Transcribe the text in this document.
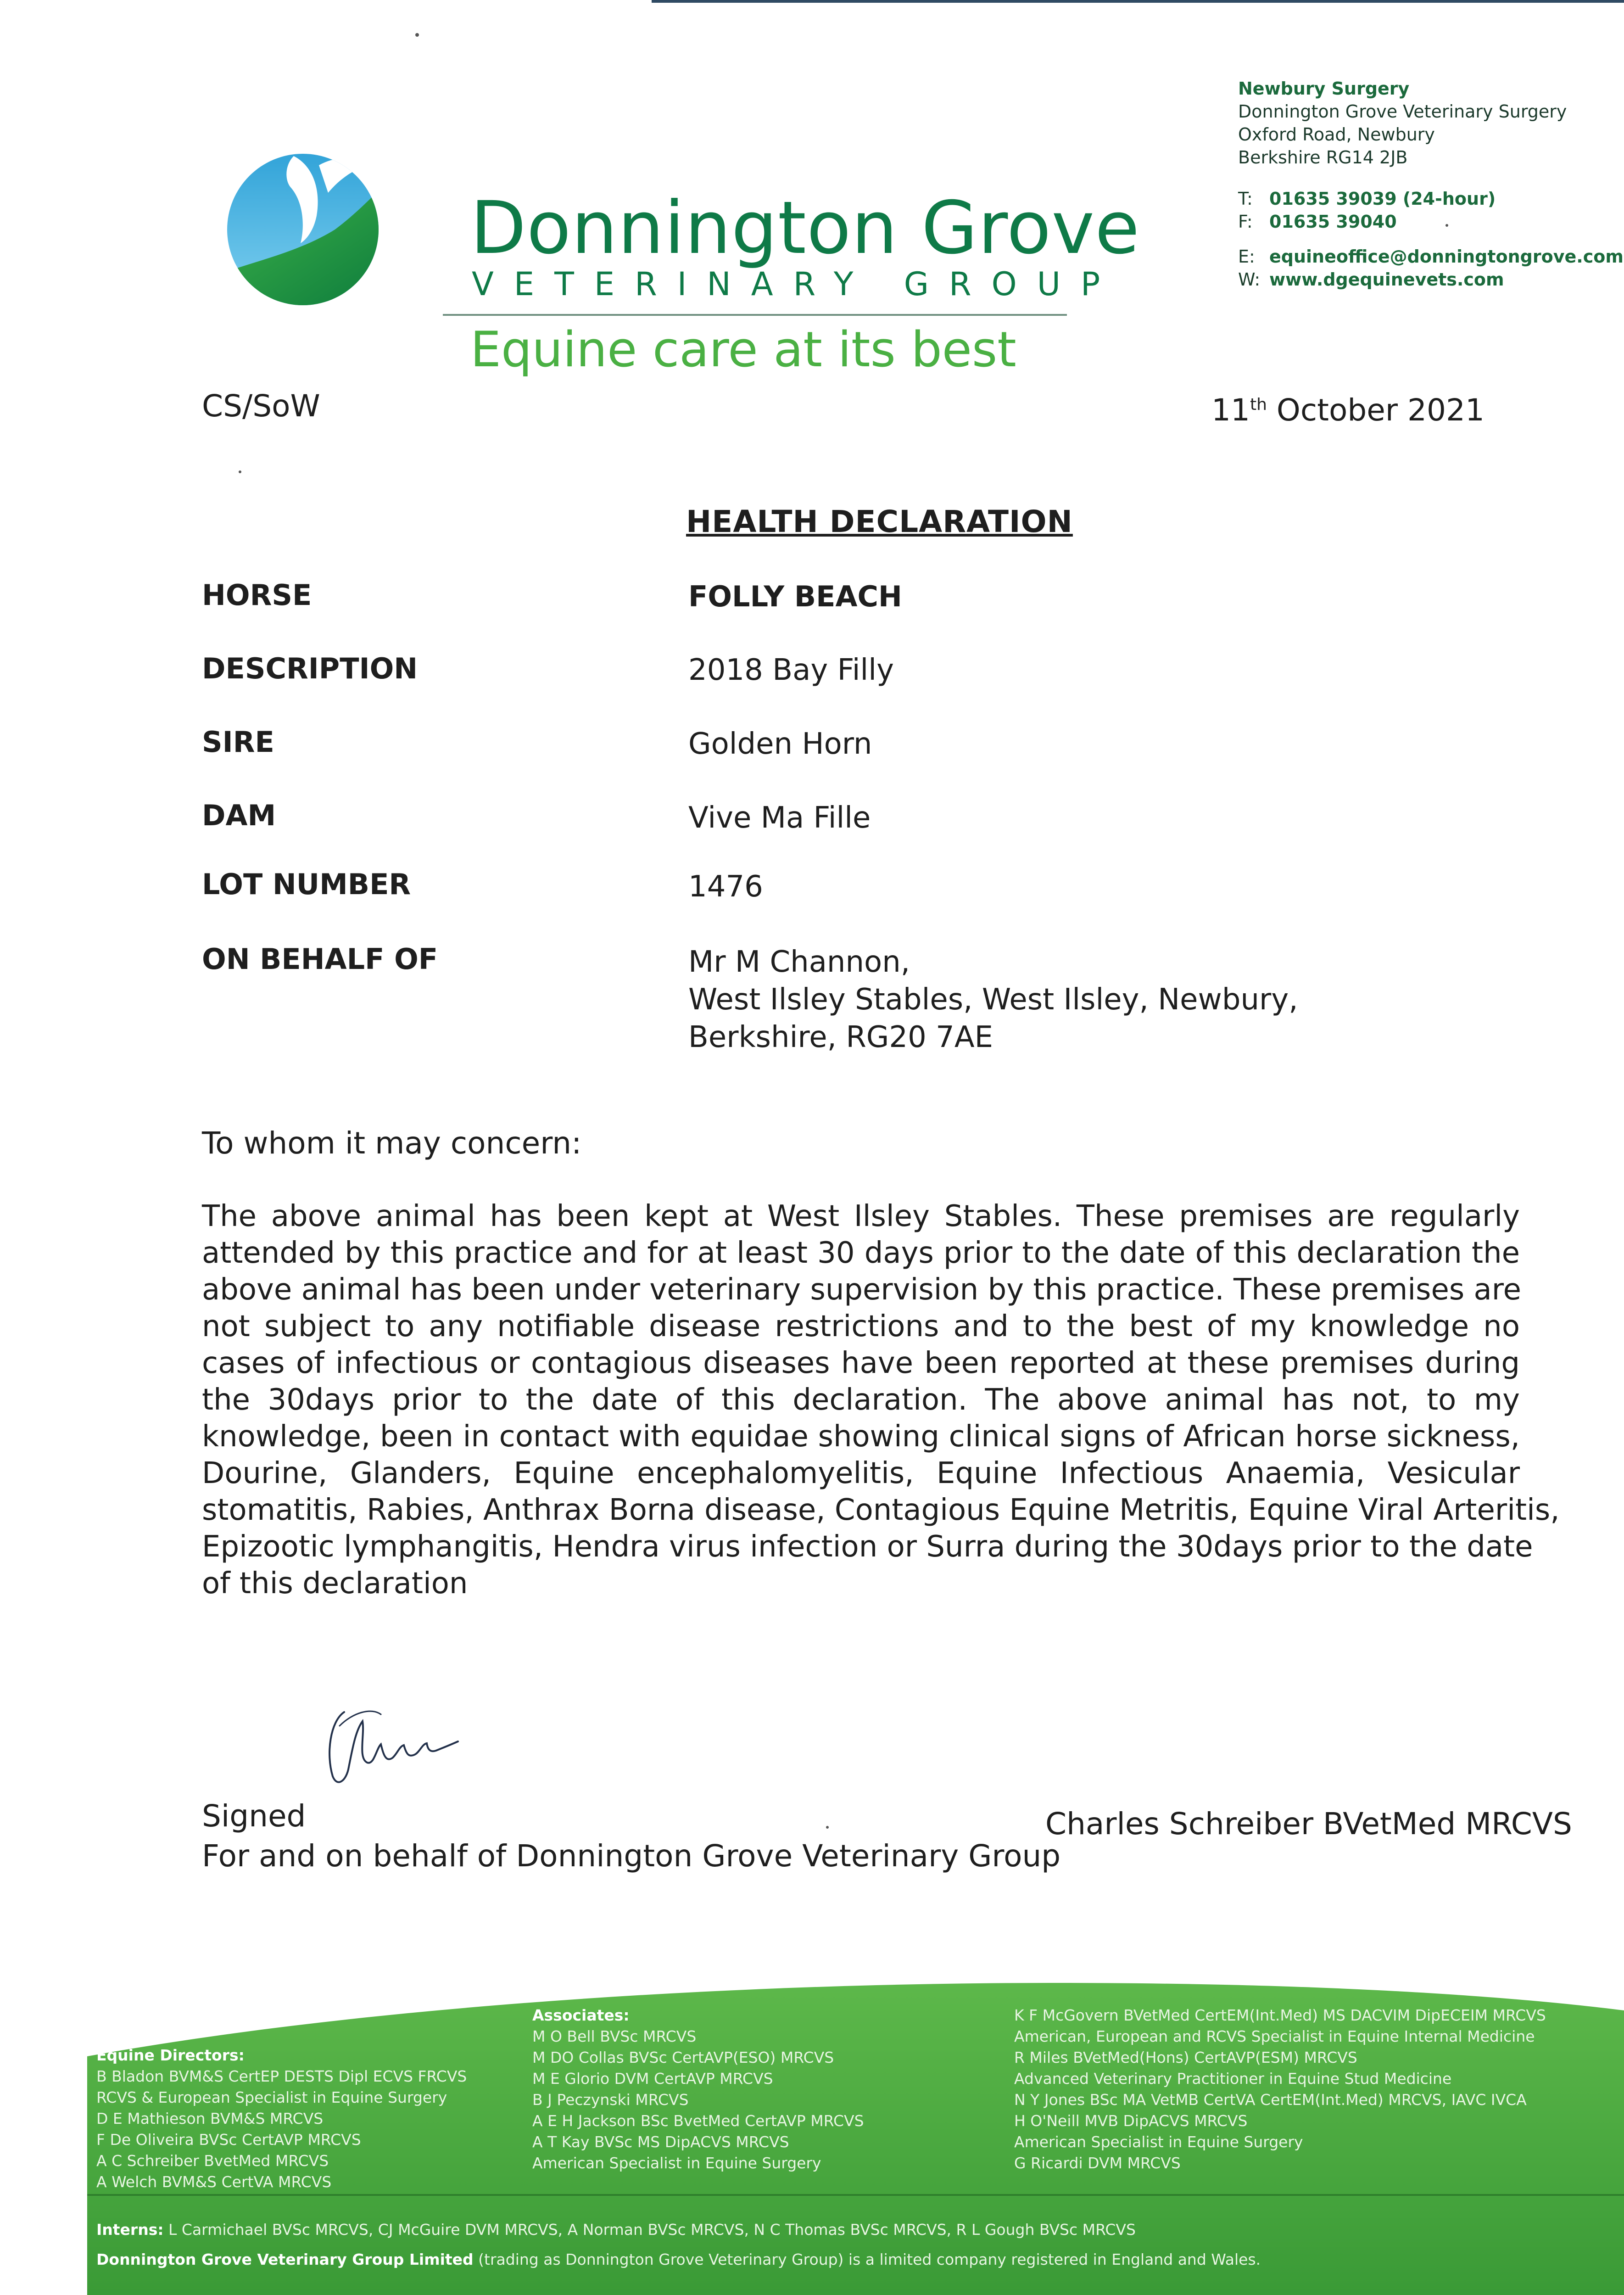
Donnington Grove
VETERINARY GROUP
Equine care at its best
Newbury Surgery
Donnington Grove Veterinary Surgery
Oxford Road, Newbury
Berkshire RG14 2JB
T: 01635 39039 (24-hour)
F: 01635 39040
E: equineoffice@donningtongrove.com
W: www.dgequinevets.com
CS/SoW	11th October 2021
HEALTH DECLARATION
HORSE	FOLLY BEACH
DESCRIPTION	2018 Bay Filly
SIRE	Golden Horn
DAM	Vive Ma Fille
LOT NUMBER	1476
ON BEHALF OF	Mr M Channon,
West Ilsley Stables, West Ilsley, Newbury,
Berkshire, RG20 7AE
To whom it may concern:
The above animal has been kept at West Ilsley Stables. These premises are regularly
attended by this practice and for at least 30 days prior to the date of this declaration the
above animal has been under veterinary supervision by this practice. These premises are
not subject to any notifiable disease restrictions and to the best of my knowledge no
cases of infectious or contagious diseases have been reported at these premises during
the 30days prior to the date of this declaration. The above animal has not, to my
knowledge, been in contact with equidae showing clinical signs of African horse sickness,
Dourine, Glanders, Equine encephalomyelitis, Equine Infectious Anaemia, Vesicular
stomatitis, Rabies, Anthrax Borna disease, Contagious Equine Metritis, Equine Viral Arteritis,
Epizootic lymphangitis, Hendra virus infection or Surra during the 30days prior to the date
of this declaration
Signed
For and on behalf of Donnington Grove Veterinary Group
Charles Schreiber BVetMed MRCVS
Equine Directors:
B Bladon BVM&S CertEP DESTS Dipl ECVS FRCVS
RCVS & European Specialist in Equine Surgery
D E Mathieson BVM&S MRCVS
F De Oliveira BVSc CertAVP MRCVS
A C Schreiber BvetMed MRCVS
A Welch BVM&S CertVA MRCVS
Associates:
M O Bell BVSc MRCVS
M DO Collas BVSc CertAVP(ESO) MRCVS
M E Glorio DVM CertAVP MRCVS
B J Peczynski MRCVS
A E H Jackson BSc BvetMed CertAVP MRCVS
A T Kay BVSc MS DipACVS MRCVS
American Specialist in Equine Surgery
K F McGovern BVetMed CertEM(Int.Med) MS DACVIM DipECEIM MRCVS
American, European and RCVS Specialist in Equine Internal Medicine
R Miles BVetMed(Hons) CertAVP(ESM) MRCVS
Advanced Veterinary Practitioner in Equine Stud Medicine
N Y Jones BSc MA VetMB CertVA CertEM(Int.Med) MRCVS, IAVC IVCA
H O'Neill MVB DipACVS MRCVS
American Specialist in Equine Surgery
G Ricardi DVM MRCVS
Interns: L Carmichael BVSc MRCVS, CJ McGuire DVM MRCVS, A Norman BVSc MRCVS, N C Thomas BVSc MRCVS, R L Gough BVSc MRCVS
Donnington Grove Veterinary Group Limited (trading as Donnington Grove Veterinary Group) is a limited company registered in England and Wales.
